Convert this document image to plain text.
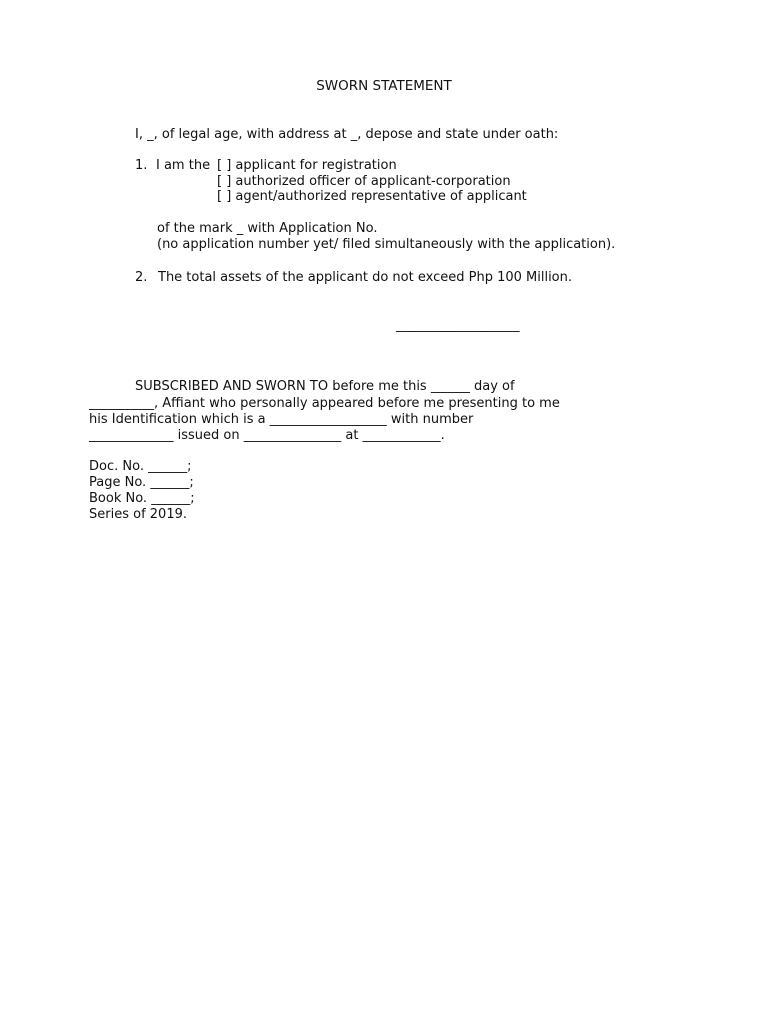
SWORN STATEMENT
I, _, of legal age, with address at _, depose and state under oath:
1. I am the [ ] applicant for registration
[ ] authorized officer of applicant-corporation
[ ] agent/authorized representative of applicant
of the mark _ with Application No.
(no application number yet/ filed simultaneously with the application).
2. The total assets of the applicant do not exceed Php 100 Million.
___________________
SUBSCRIBED AND SWORN TO before me this ______ day of
__________, Affiant who personally appeared before me presenting to me
his Identification which is a __________________ with number
_____________ issued on _______________ at ____________.
Doc. No. ______;
Page No. ______;
Book No. ______;
Series of 2019.
